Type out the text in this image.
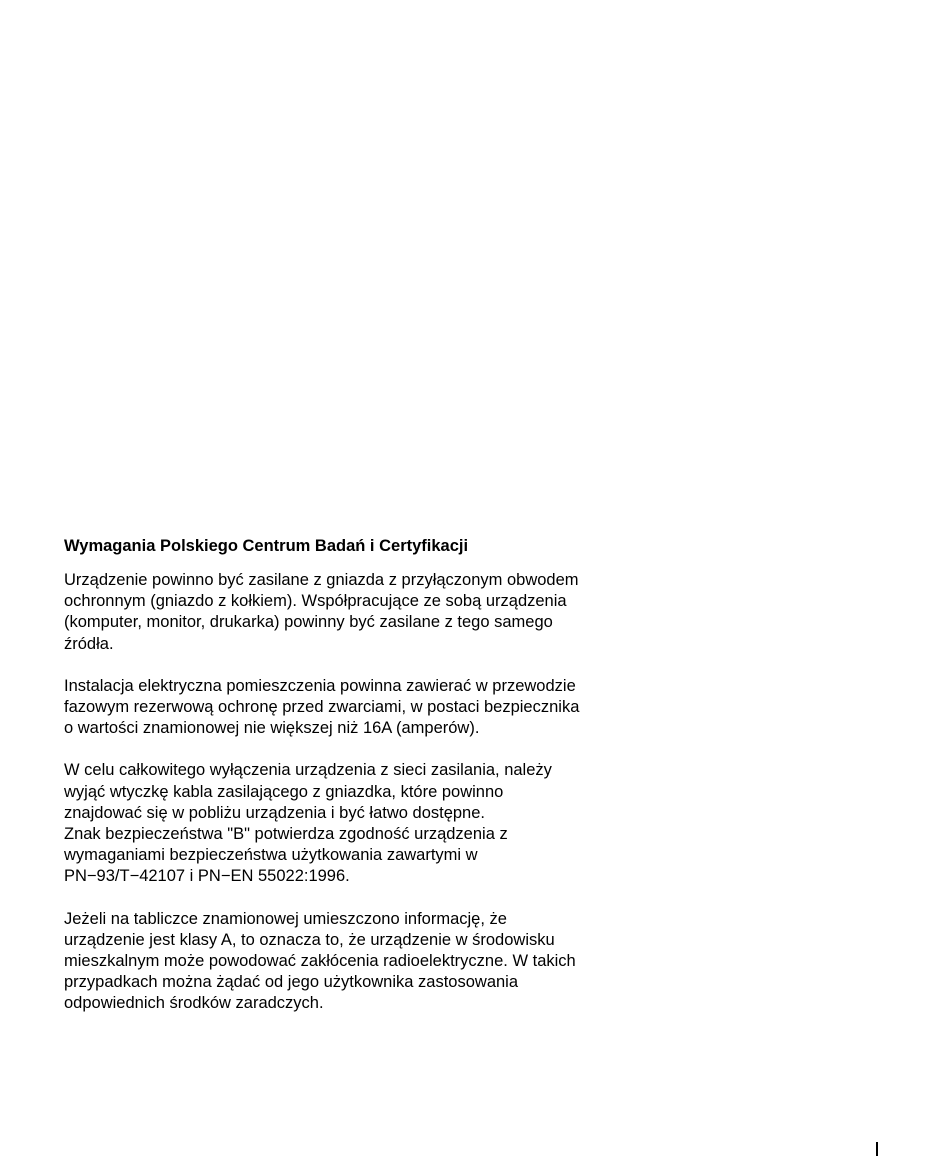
Wymagania Polskiego Centrum Badań i Certyfikacji
Urządzenie powinno być zasilane z gniazda z przyłączonym obwodem
ochronnym (gniazdo z kołkiem). Współpracujące ze sobą urządzenia
(komputer, monitor, drukarka) powinny być zasilane z tego samego
źródła.
Instalacja elektryczna pomieszczenia powinna zawierać w przewodzie
fazowym rezerwową ochronę przed zwarciami, w postaci bezpiecznika
o wartości znamionowej nie większej niż 16A (amperów).
W celu całkowitego wyłączenia urządzenia z sieci zasilania, należy
wyjąć wtyczkę kabla zasilającego z gniazdka, które powinno
znajdować się w pobliżu urządzenia i być łatwo dostępne.
Znak bezpieczeństwa "B" potwierdza zgodność urządzenia z
wymaganiami bezpieczeństwa użytkowania zawartymi w
PN−93/T−42107 i PN−EN 55022:1996.
Jeżeli na tabliczce znamionowej umieszczono informację, że
urządzenie jest klasy A, to oznacza to, że urządzenie w środowisku
mieszkalnym może powodować zakłócenia radioelektryczne. W takich
przypadkach można żądać od jego użytkownika zastosowania
odpowiednich środków zaradczych.
